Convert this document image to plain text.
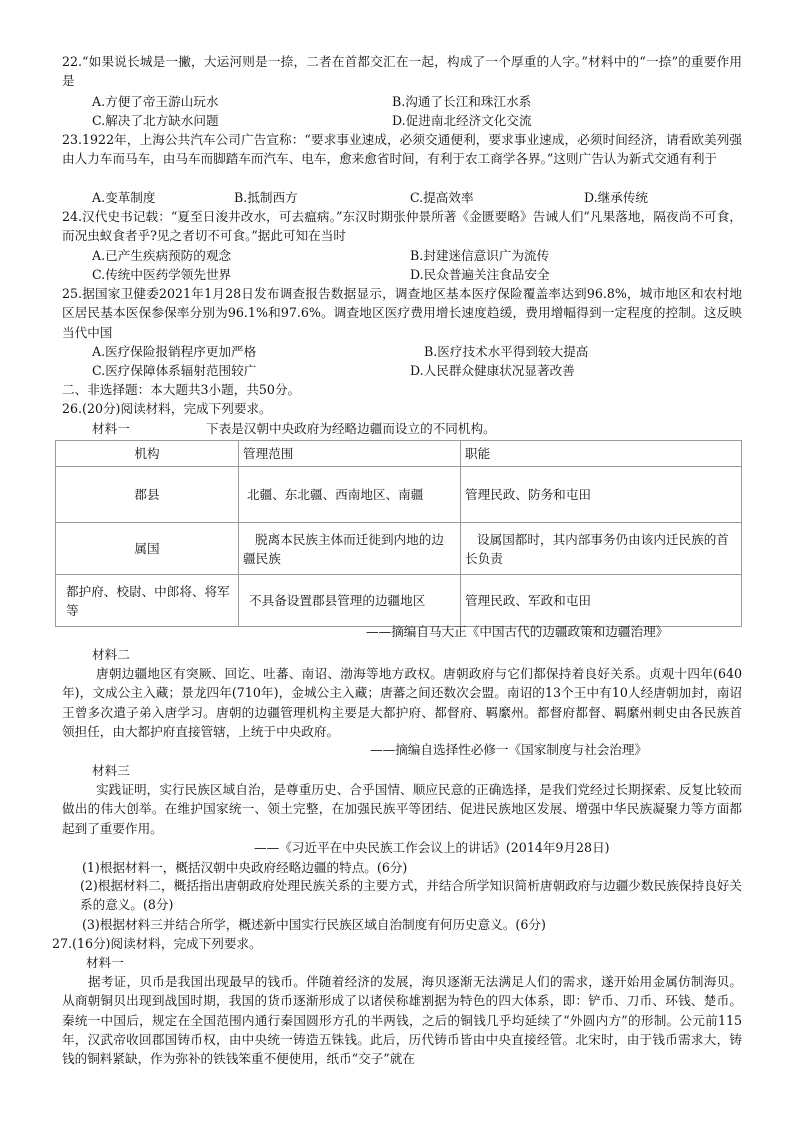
22.“如果说长城是一撇，大运河则是一捺，二者在首都交汇在一起，构成了一个厚重的人字。”材料中的“一捺”的重要作用是
A.方便了帝王游山玩水	B.沟通了长江和珠江水系
C.解决了北方缺水问题	D.促进南北经济文化交流
23.1922年，上海公共汽车公司广告宣称：“要求事业速成，必须交通便利，要求事业速成，必须时间经济，请看欧美列强由人力车而马车，由马车而脚踏车而汽车、电车，愈来愈省时间，有利于农工商学各界。”这则广告认为新式交通有利于
A.变革制度	B.抵制西方	C.提高效率	D.继承传统
24.汉代史书记载：“夏至日浚井改水，可去瘟病。”东汉时期张仲景所著《金匮要略》告诫人们“凡果落地，隔夜尚不可食，而况虫蚁食者乎?见之者切不可食。”据此可知在当时
A.已产生疾病预防的观念	B.封建迷信意识广为流传
C.传统中医药学领先世界	D.民众普遍关注食品安全
25.据国家卫健委2021年1月28日发布调查报告数据显示，调查地区基本医疗保险覆盖率达到96.8%，城市地区和农村地区居民基本医保参保率分别为96.1%和97.6%。调查地区医疗费用增长速度趋缓，费用增幅得到一定程度的控制。这反映当代中国
A.医疗保险报销程序更加严格	B.医疗技术水平得到较大提高
C.医疗保障体系辐射范围较广	D.人民群众健康状况显著改善
二、非选择题：本大题共3小题，共50分。
26.(20分)阅读材料，完成下列要求。
材料一	下表是汉朝中央政府为经略边疆而设立的不同机构。
机构	管理范围	职能
郡县	北疆、东北疆、西南地区、南疆	管理民政、防务和屯田
属国	脱离本民族主体而迁徙到内地的边疆民族	设属国都时，其内部事务仍由该内迁民族的首长负责
都护府、校尉、中郎将、将军等	不具备设置郡县管理的边疆地区	管理民政、军政和屯田
——摘编自马大正《中国古代的边疆政策和边疆治理》
材料二
唐朝边疆地区有突厥、回讫、吐蕃、南诏、渤海等地方政权。唐朝政府与它们都保持着良好关系。贞观十四年(640年)，文成公主入藏；景龙四年(710年)，金城公主入藏；唐蕃之间还数次会盟。南诏的13个王中有10人经唐朝加封，南诏王曾多次遣子弟入唐学习。唐朝的边疆管理机构主要是大都护府、都督府、羁縻州。都督府都督、羁縻州刺史由各民族首领担任，由大都护府直接管辖，上统于中央政府。
——摘编自选择性必修一《国家制度与社会治理》
材料三
实践证明，实行民族区域自治，是尊重历史、合乎国情、顺应民意的正确选择，是我们党经过长期探索、反复比较而做出的伟大创举。在维护国家统一、领土完整，在加强民族平等团结、促进民族地区发展、增强中华民族凝聚力等方面都起到了重要作用。
——《习近平在中央民族工作会议上的讲话》(2014年9月28日)
(1)根据材料一，概括汉朝中央政府经略边疆的特点。(6分)
(2)根据材料二，概括指出唐朝政府处理民族关系的主要方式，并结合所学知识简析唐朝政府与边疆少数民族保持良好关系的意义。(8分)
(3)根据材料三并结合所学，概述新中国实行民族区域自治制度有何历史意义。(6分)
27.(16分)阅读材料，完成下列要求。
材料一
据考证，贝币是我国出现最早的钱币。伴随着经济的发展，海贝逐渐无法满足人们的需求，遂开始用金属仿制海贝。从商朝铜贝出现到战国时期，我国的货币逐渐形成了以诸侯称雄割据为特色的四大体系，即：铲币、刀币、环钱、楚币。秦统一中国后，规定在全国范围内通行秦国圆形方孔的半两钱，之后的铜钱几乎均延续了“外圆内方”的形制。公元前115年，汉武帝收回郡国铸币权，由中央统一铸造五铢钱。此后，历代铸币皆由中央直接经管。北宋时，由于钱币需求大，铸钱的铜料紧缺，作为弥补的铁钱笨重不便使用，纸币“交子”就在
